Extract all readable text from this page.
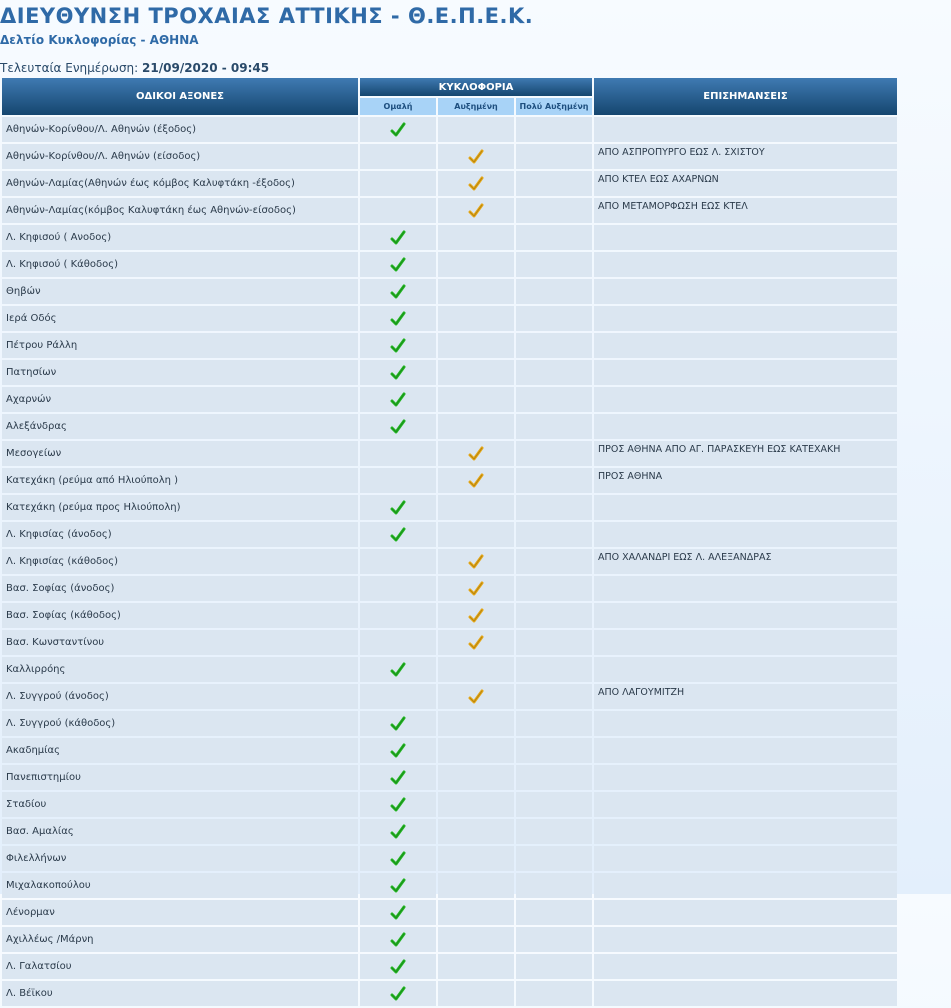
ΔΙΕΥΘΥΝΣΗ ΤΡΟΧΑΙΑΣ ΑΤΤΙΚΗΣ - Θ.Ε.Π.Ε.Κ.
Δελτίο Κυκλοφορίας - ΑΘΗΝΑ
Τελευταία Ενημέρωση: 21/09/2020 - 09:45
ΟΔΙΚΟΙ ΑΞΟΝΕΣ	ΚΥΚΛΟΦΟΡΙΑ			ΕΠΙΣΗΜΑΝΣΕΙΣ
	Ομαλή	Αυξημένη	Πολύ Αυξημένη	
Αθηνών-Κορίνθου/Λ. Αθηνών (έξοδος)	

Αθηνών-Κορίνθου/Λ. Αθηνών (είσοδος)				ΑΠΟ ΑΣΠΡΟΠΥΡΓΟ ΕΩΣ Λ. ΣΧΙΣΤΟΥ
Αθηνών-Λαμίας(Αθηνών έως κόμβος Καλυφτάκη -έξοδος)				ΑΠΟ ΚΤΕΛ ΕΩΣ ΑΧΑΡΝΩΝ
Αθηνών-Λαμίας(κόμβος Καλυφτάκη έως Αθηνών-είσοδος)				ΑΠΟ ΜΕΤΑΜΟΡΦΩΣΗ ΕΩΣ ΚΤΕΛ
Λ. Κηφισού ( Ανοδος)	

Λ. Κηφισού ( Κάθοδος)	

Θηβών	

Ιερά Οδός	

Πέτρου Ράλλη	

Πατησίων	

Αχαρνών	

Αλεξάνδρας	

Μεσογείων				ΠΡΟΣ ΑΘΗΝΑ ΑΠΟ ΑΓ. ΠΑΡΑΣΚΕΥΗ ΕΩΣ ΚΑΤΕΧΑΚΗ
Κατεχάκη (ρεύμα από Ηλιούπολη )				ΠΡΟΣ ΑΘΗΝΑ
Κατεχάκη (ρεύμα προς Ηλιούπολη)	

Λ. Κηφισίας (άνοδος)	

Λ. Κηφισίας (κάθοδος)				ΑΠΟ ΧΑΛΑΝΔΡΙ ΕΩΣ Λ. ΑΛΕΞΑΝΔΡΑΣ
Βασ. Σοφίας (άνοδος)		

Βασ. Σοφίας (κάθοδος)		

Βασ. Κωνσταντίνου		

Καλλιρρόης	

Λ. Συγγρού (άνοδος)				ΑΠΟ ΛΑΓΟΥΜΙΤΖΗ
Λ. Συγγρού (κάθοδος)	

Ακαδημίας	

Πανεπιστημίου	

Σταδίου	

Βασ. Αμαλίας	

Φιλελλήνων	

Μιχαλακοπούλου	

Λένορμαν	

Αχιλλέως /Μάρνη	

Λ. Γαλατσίου	

Λ. Βέϊκου	
